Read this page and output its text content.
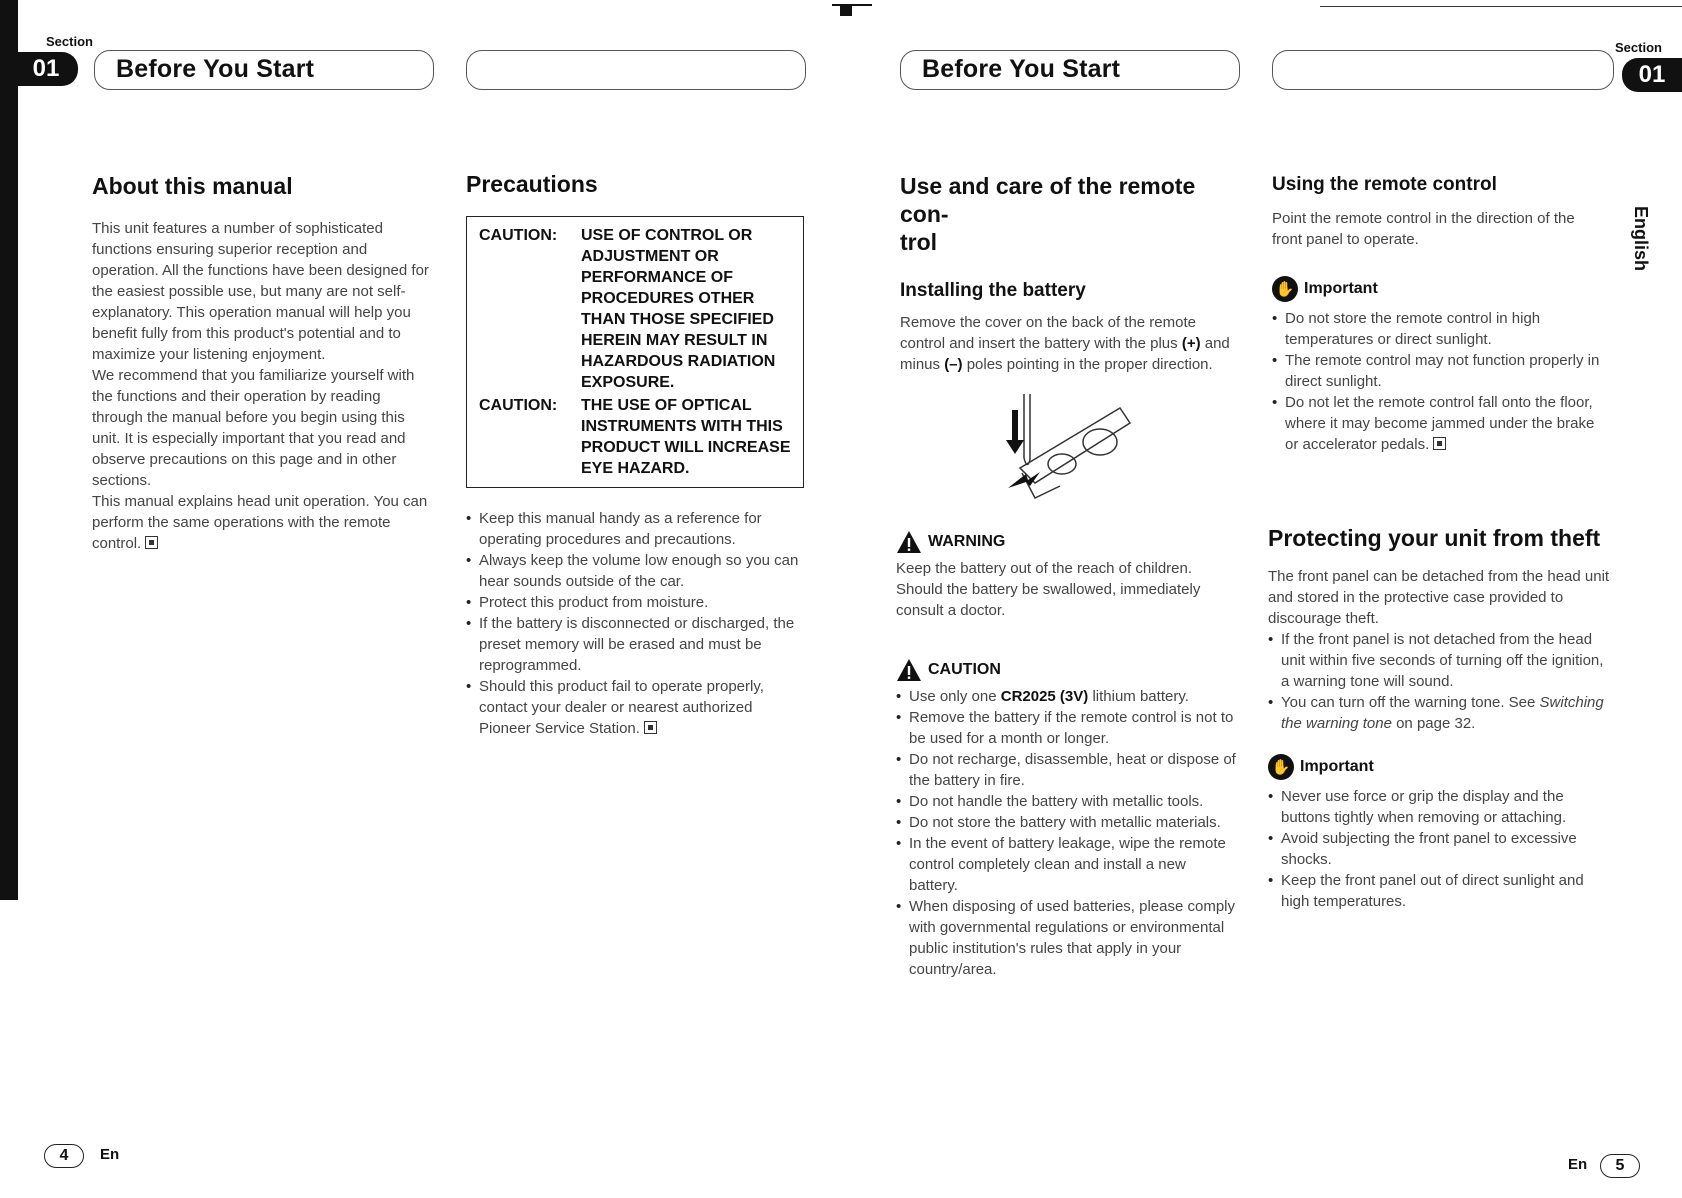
Section
01	Before You Start	Before You Start
Section
01
About this manual

This unit features a number of sophisticated functions ensuring superior reception and operation. All the functions have been designed for the easiest possible use, but many are not self-explanatory. This operation manual will help you benefit fully from this product's potential and to maximize your listening enjoyment.

We recommend that you familiarize yourself with the functions and their operation by reading through the manual before you begin using this unit. It is especially important that you read and observe precautions on this page and in other sections.

This manual explains head unit operation. You can perform the same operations with the remote control.

Precautions
CAUTION:	USE OF CONTROL OR ADJUSTMENT OR PERFORMANCE OF PROCEDURES OTHER THAN THOSE SPECIFIED HEREIN MAY RESULT IN HAZARDOUS RADIATION EXPOSURE.
CAUTION:	THE USE OF OPTICAL INSTRUMENTS WITH THIS PRODUCT WILL INCREASE EYE HAZARD.
• Keep this manual handy as a reference for operating procedures and precautions.
• Always keep the volume low enough so you can hear sounds outside of the car.
• Protect this product from moisture.
• If the battery is disconnected or discharged, the preset memory will be erased and must be reprogrammed.
• Should this product fail to operate properly, contact your dealer or nearest authorized Pioneer Service Station.
Use and care of the remote con-
trol
Installing the battery

Remove the cover on the back of the remote control and insert the battery with the plus (+) and minus (–) poles pointing in the proper direction.

WARNING

Keep the battery out of the reach of children. Should the battery be swallowed, immediately consult a doctor.

CAUTION
• Use only one CR2025 (3V) lithium battery.
• Remove the battery if the remote control is not to be used for a month or longer.
• Do not recharge, disassemble, heat or dispose of the battery in fire.
• Do not handle the battery with metallic tools.
• Do not store the battery with metallic materials.
• In the event of battery leakage, wipe the remote control completely clean and install a new battery.
• When disposing of used batteries, please comply with governmental regulations or environmental public institution's rules that apply in your country/area.
Using the remote control

Point the remote control in the direction of the front panel to operate.

✋ Important
• Do not store the remote control in high temperatures or direct sunlight.
• The remote control may not function properly in direct sunlight.
• Do not let the remote control fall onto the floor, where it may become jammed under the brake or accelerator pedals.
Protecting your unit from theft

The front panel can be detached from the head unit and stored in the protective case provided to discourage theft.

• If the front panel is not detached from the head unit within five seconds of turning off the ignition, a warning tone will sound.
• You can turn off the warning tone. See Switching the warning tone on page 32.
✋ Important
• Never use force or grip the display and the buttons tightly when removing or attaching.
• Avoid subjecting the front panel to excessive shocks.
• Keep the front panel out of direct sunlight and high temperatures.
English
4	En
En	5
